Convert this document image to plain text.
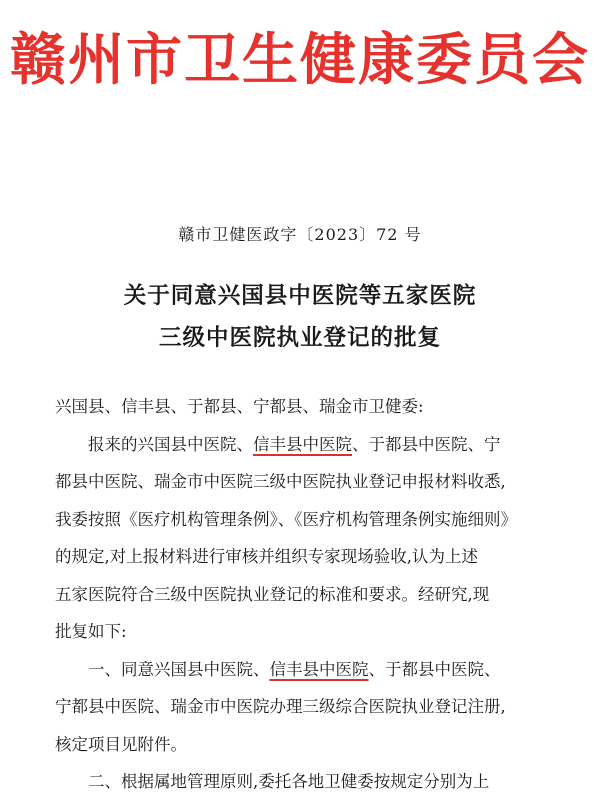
赣州市卫生健康委员会
赣市卫健医政字〔2023〕72 号
关于同意兴国县中医院等五家医院
三级中医院执业登记的批复
兴国县、信丰县、于都县、宁都县、瑞金市卫健委:
报来的兴国县中医院、信丰县中医院、于都县中医院、宁
都县中医院、瑞金市中医院三级中医院执业登记申报材料收悉,
我委按照《医疗机构管理条例》、《医疗机构管理条例实施细则》
的规定,对上报材料进行审核并组织专家现场验收,认为上述
五家医院符合三级中医院执业登记的标准和要求。经研究,现
批复如下:
一、同意兴国县中医院、信丰县中医院、于都县中医院、
宁都县中医院、瑞金市中医院办理三级综合医院执业登记注册,
核定项目见附件。
二、根据属地管理原则,委托各地卫健委按规定分别为上
